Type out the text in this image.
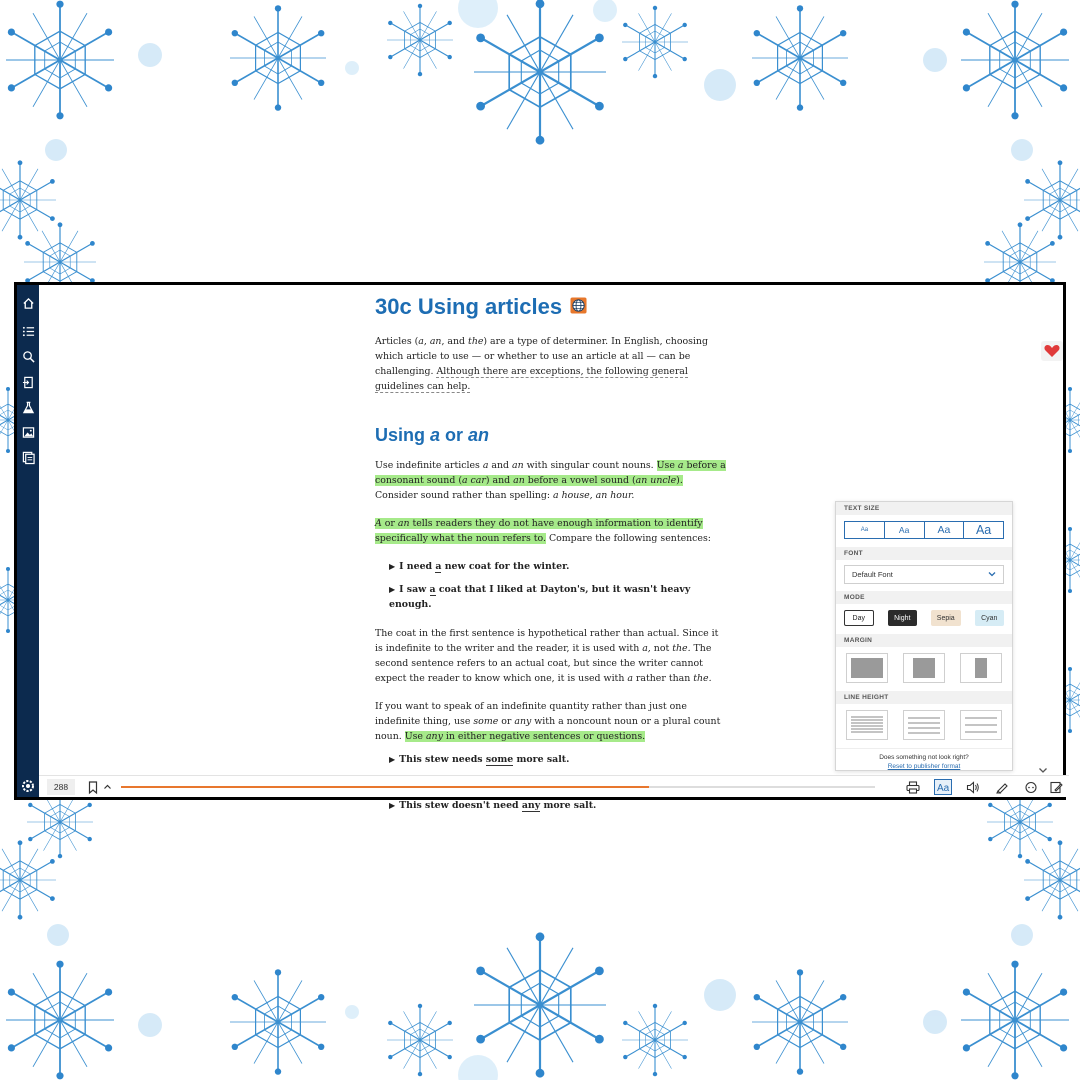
30c Using articles

Articles (a, an, and the) are a type of determiner. In English, choosing which article to use — or whether to use an article at all — can be challenging. Although there are exceptions, the following general guidelines can help.

Using a or an

Use indefinite articles a and an with singular count nouns. Use a before a consonant sound (a car) and an before a vowel sound (an uncle). Consider sound rather than spelling: a house, an hour.

A or an tells readers they do not have enough information to identify specifically what the noun refers to. Compare the following sentences:

▶ I need a new coat for the winter.
▶ I saw a coat that I liked at Dayton's, but it wasn't heavy enough.

The coat in the first sentence is hypothetical rather than actual. Since it is indefinite to the writer and the reader, it is used with a, not the. The second sentence refers to an actual coat, but since the writer cannot expect the reader to know which one, it is used with a rather than the.

If you want to speak of an indefinite quantity rather than just one indefinite thing, use some or any with a noncount noun or a plural count noun. Use any in either negative sentences or questions.

▶ This stew needs some more salt.
▶ This stew doesn't need any more salt.
TEXT SIZE
Aa	Aa	Aa	Aa
FONT
Default Font
MODE
Day	Night	Sepia	Cyan
MARGIN
LINE HEIGHT
Does something not look right?
Reset to publisher format
288	Aa
